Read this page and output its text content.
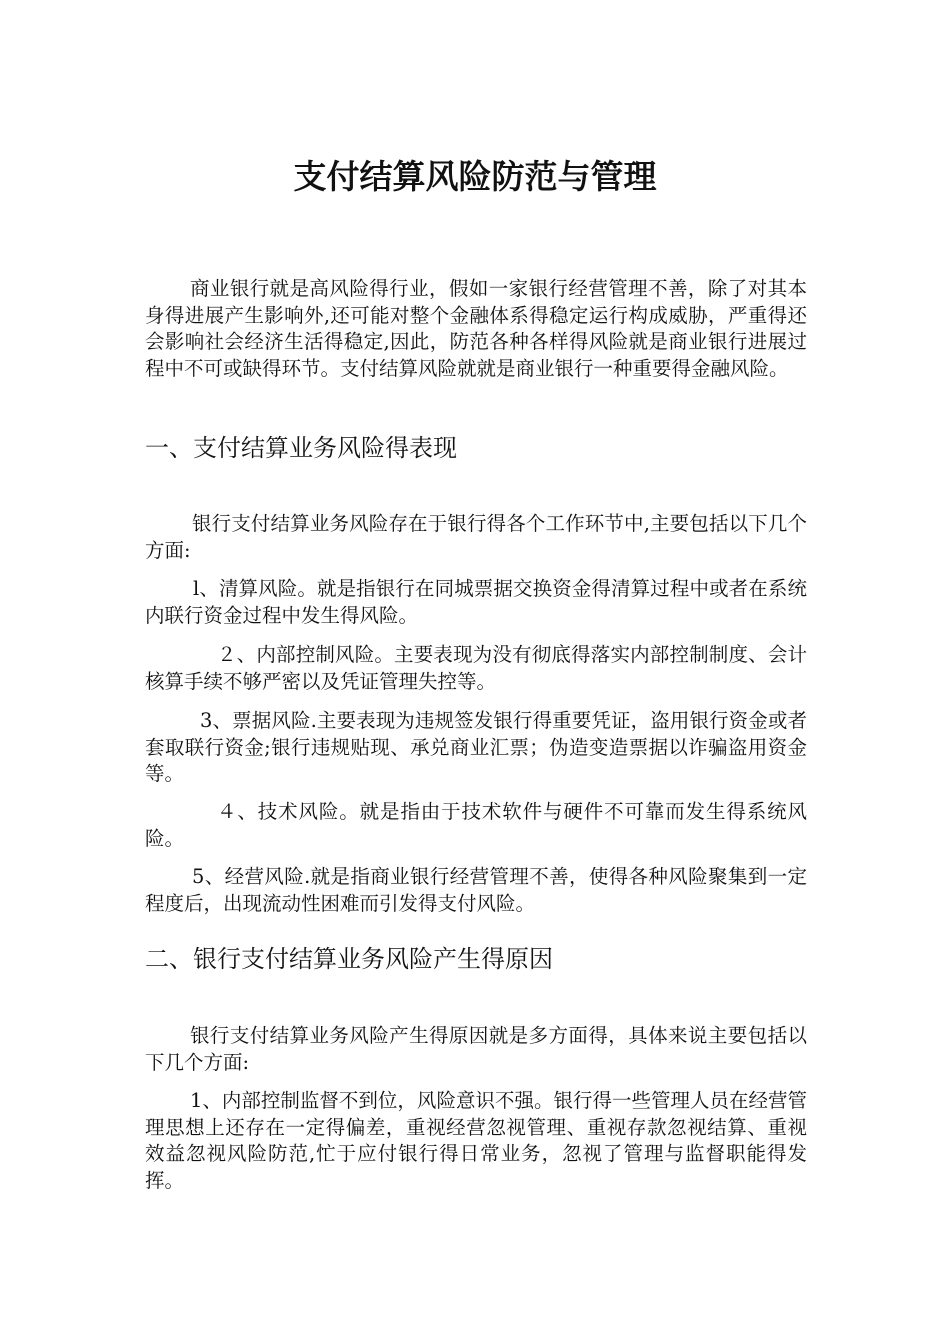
支付结算风险防范与管理

商业银行就是高风险得行业，假如一家银行经营管理不善，除了对其本身得进展产生影响外,还可能对整个金融体系得稳定运行构成威胁，严重得还会影响社会经济生活得稳定,因此，防范各种各样得风险就是商业银行进展过程中不可或缺得环节。支付结算风险就就是商业银行一种重要得金融风险。

一、支付结算业务风险得表现

银行支付结算业务风险存在于银行得各个工作环节中,主要包括以下几个方面:

l、清算风险。就是指银行在同城票据交换资金得清算过程中或者在系统内联行资金过程中发生得风险。

２、内部控制风险。主要表现为没有彻底得落实内部控制制度、会计核算手续不够严密以及凭证管理失控等。

3、票据风险.主要表现为违规签发银行得重要凭证，盗用银行资金或者套取联行资金;银行违规贴现、承兑商业汇票；伪造变造票据以诈骗盗用资金等。

４、技术风险。就是指由于技术软件与硬件不可靠而发生得系统风险。

5、经营风险.就是指商业银行经营管理不善，使得各种风险聚集到一定程度后，出现流动性困难而引发得支付风险。

二、银行支付结算业务风险产生得原因

银行支付结算业务风险产生得原因就是多方面得，具体来说主要包括以下几个方面:

1、内部控制监督不到位，风险意识不强。银行得一些管理人员在经营管理思想上还存在一定得偏差，重视经营忽视管理、重视存款忽视结算、重视效益忽视风险防范,忙于应付银行得日常业务，忽视了管理与监督职能得发挥。
